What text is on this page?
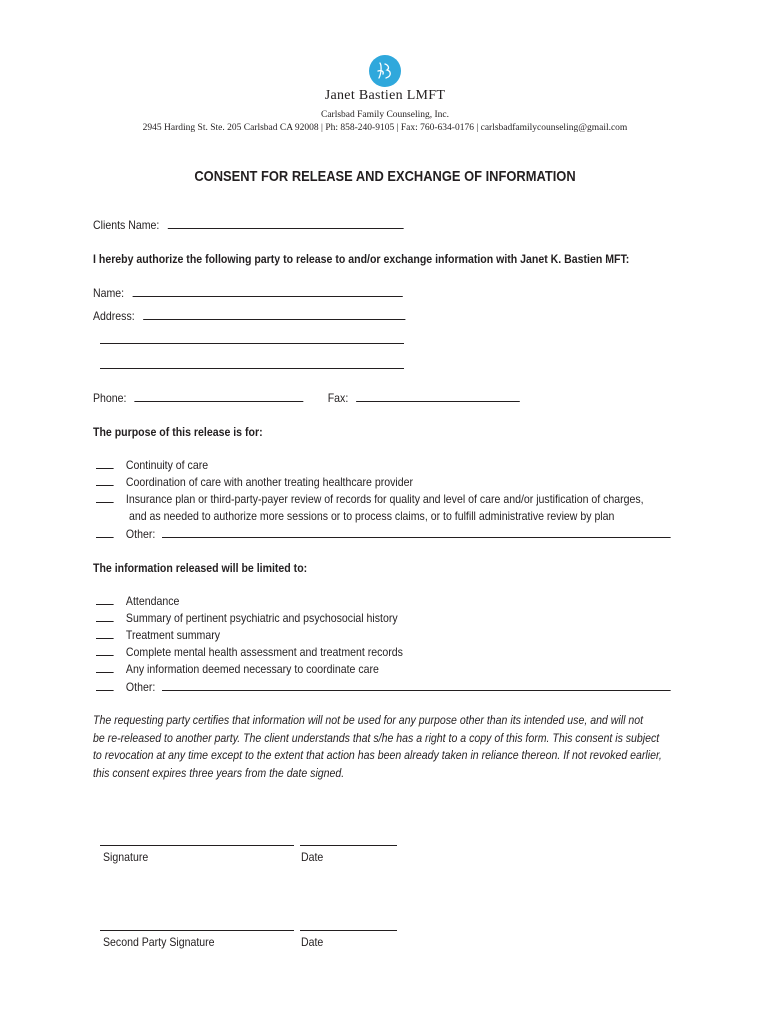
Janet Bastien LMFT
Carlsbad Family Counseling, Inc.
2945 Harding St. Ste. 205 Carlsbad CA 92008 | Ph: 858-240-9105 | Fax: 760-634-0176 | carlsbadfamilycounseling@gmail.com
CONSENT FOR RELEASE AND EXCHANGE OF INFORMATION
Clients Name:
I hereby authorize the following party to release to and/or exchange information with Janet K. Bastien MFT:
Name:
Address:
Phone:	Fax:
The purpose of this release is for:
Continuity of care
Coordination of care with another treating healthcare provider
Insurance plan or third-party-payer review of records for quality and level of care and/or justification of charges,
and as needed to authorize more sessions or to process claims, or to fulfill administrative review by plan
Other:
The information released will be limited to:
Attendance
Summary of pertinent psychiatric and psychosocial history
Treatment summary
Complete mental health assessment and treatment records
Any information deemed necessary to coordinate care
Other:
The requesting party certifies that information will not be used for any purpose other than its intended use, and will not
be re-released to another party. The client understands that s/he has a right to a copy of this form. This consent is subject
to revocation at any time except to the extent that action has been already taken in reliance thereon. If not revoked earlier,
this consent expires three years from the date signed.
Signature	Date
Second Party Signature	Date
